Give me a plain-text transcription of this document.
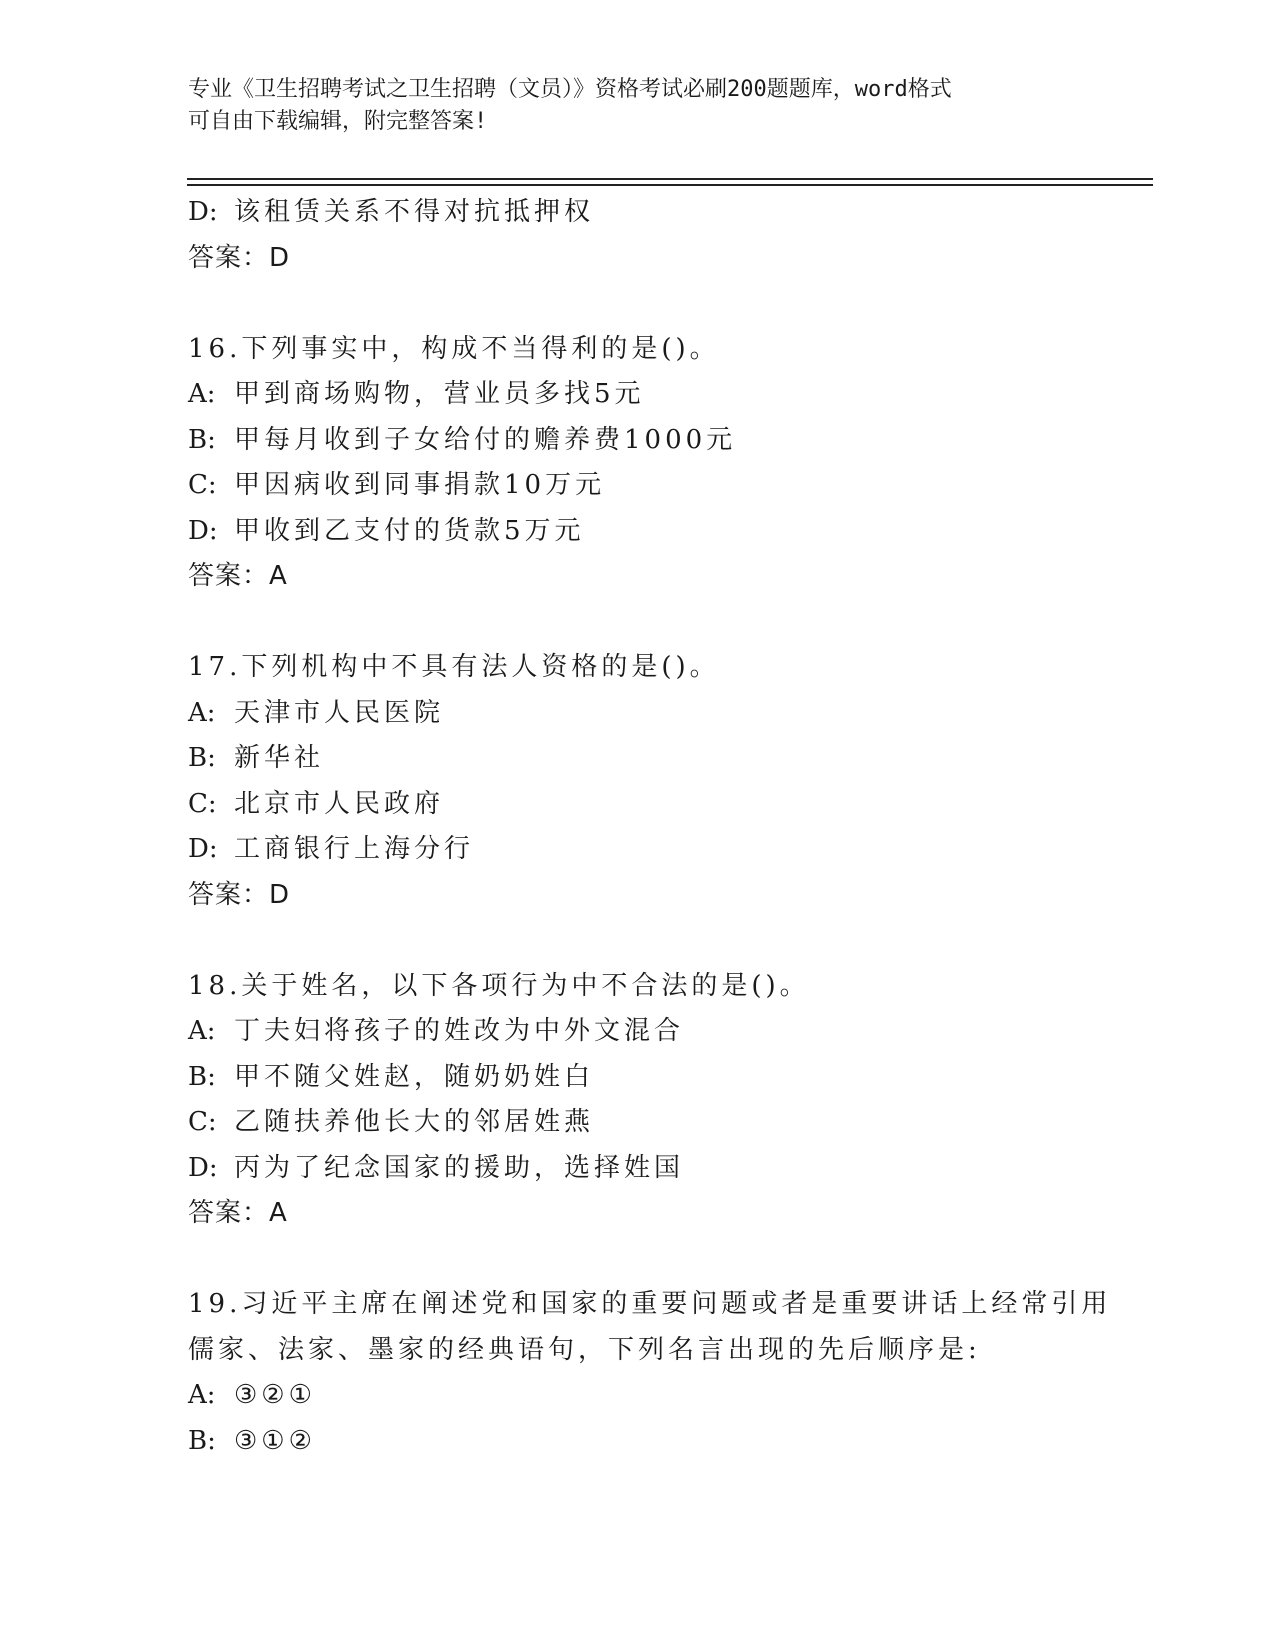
专业《卫生招聘考试之卫生招聘（文员）》资格考试必刷200题题库，word格式
可自由下载编辑，附完整答案!
D: 该租赁关系不得对抗抵押权
答案：D
16.下列事实中，构成不当得利的是()。
A: 甲到商场购物，营业员多找5元
B: 甲每月收到子女给付的赡养费1000元
C: 甲因病收到同事捐款10万元
D: 甲收到乙支付的货款5万元
答案：A
17.下列机构中不具有法人资格的是()。
A: 天津市人民医院
B: 新华社
C: 北京市人民政府
D: 工商银行上海分行
答案：D
18.关于姓名，以下各项行为中不合法的是()。
A: 丁夫妇将孩子的姓改为中外文混合
B: 甲不随父姓赵，随奶奶姓白
C: 乙随扶养他长大的邻居姓燕
D: 丙为了纪念国家的援助，选择姓国
答案：A
19.习近平主席在阐述党和国家的重要问题或者是重要讲话上经常引用
儒家、法家、墨家的经典语句，下列名言出现的先后顺序是:
A: ③②①
B: ③①②
